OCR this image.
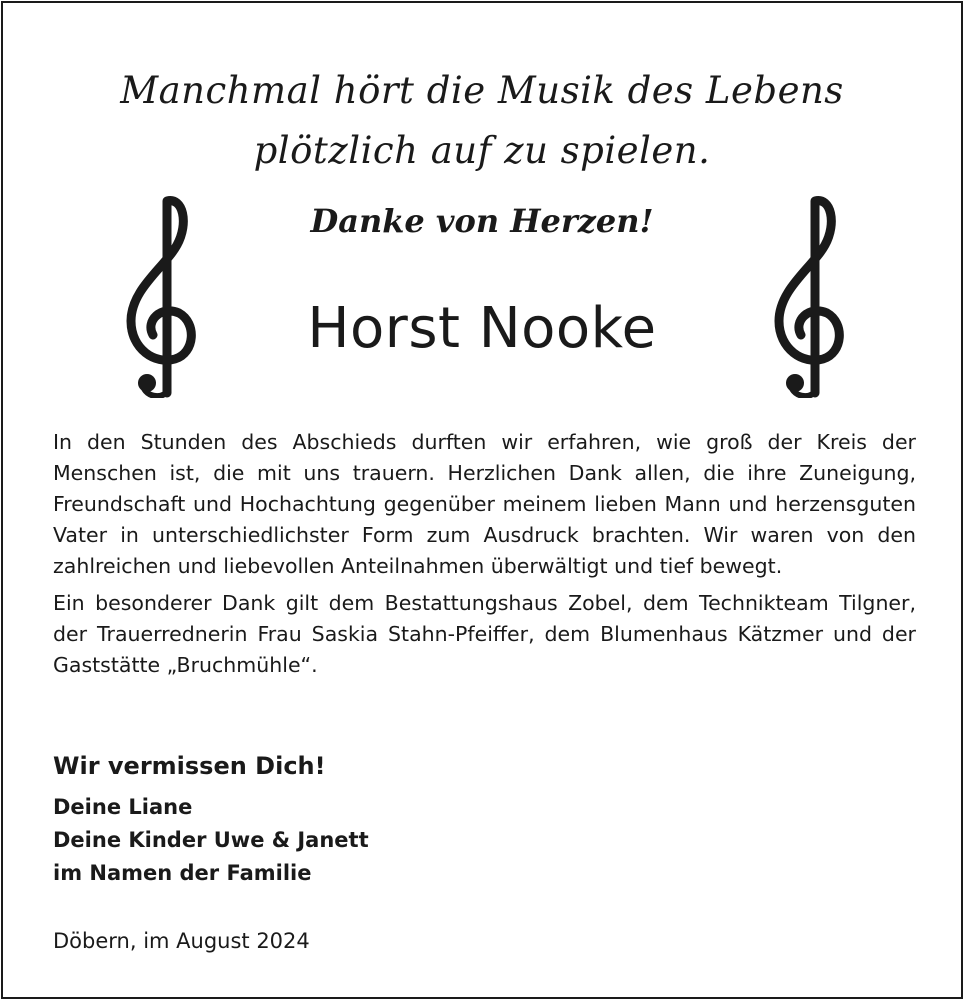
Manchmal hört die Musik des Lebens
plötzlich auf zu spielen.
Danke von Herzen!
Horst Nooke

In den Stunden des Abschieds durften wir erfahren, wie groß der Kreis der Menschen ist, die mit uns trauern. Herzlichen Dank allen, die ihre Zuneigung, Freundschaft und Hochachtung gegenüber meinem lieben Mann und herzensguten Vater in unterschiedlichster Form zum Ausdruck brachten. Wir waren von den zahlreichen und liebevollen Anteilnahmen überwältigt und tief bewegt.

Ein besonderer Dank gilt dem Bestattungshaus Zobel, dem Technikteam Tilgner, der Trauerrednerin Frau Saskia Stahn-Pfeiffer, dem Blumenhaus Kätzmer und der Gaststätte „Bruchmühle“.

Wir vermissen Dich!
Deine Liane
Deine Kinder Uwe & Janett
im Namen der Familie
Döbern, im August 2024
